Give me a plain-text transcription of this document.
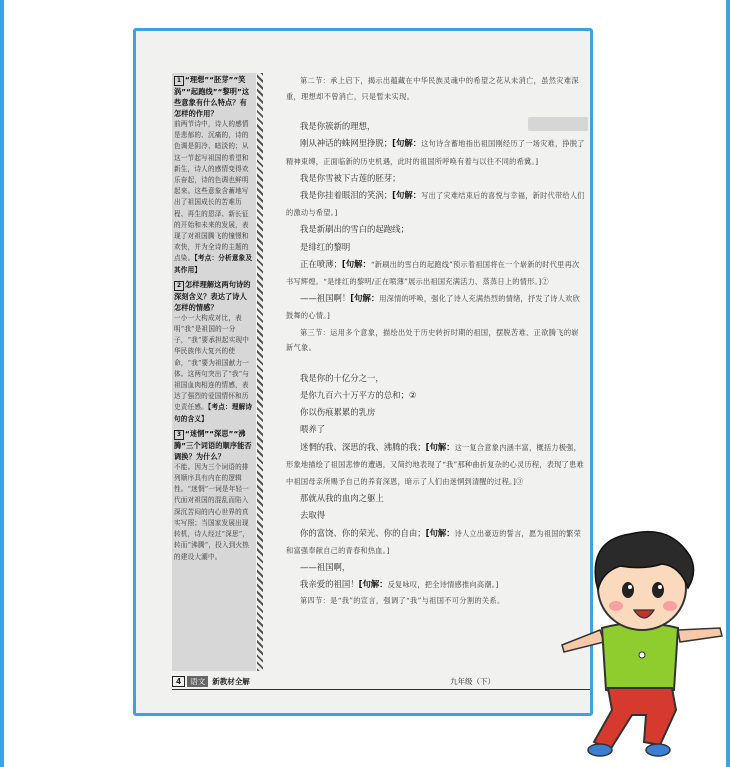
1 “理想”“胚芽”“笑涡”“起跑线”“黎明”这些意象有什么特点？有怎样的作用？
前两节诗中，诗人的感情是悲郁的、沉痛的，诗的色调是阴冷、暗淡的；从这一节起写祖国的希望和新生，诗人的感情变得欢乐奋起，诗的色调也鲜明起来。这些意象含蓄地写出了祖国成长的苦难历程、再生的恩泽、新长征的开始和未来的发展，表现了对祖国腾飞的憧憬和欢快，并为全诗的主题的点染。【考点：分析意象及其作用】
2 怎样理解这两句诗的深刻含义？表达了诗人怎样的情感？
一小一大构成对比，表明“我”是祖国的一分子，“我”要承担起实现中华民族伟大复兴的使命，“我”要为祖国献力一体。这两句突出了“我”与祖国血肉相连的情感，表达了强烈的爱国情怀和历史责任感。【考点：理解诗句的含义】
3 “迷惘”“深思”“沸腾”三个词语的顺序能否调换？为什么？
不能。因为三个词语的排列顺序具有内在的逻辑性。“迷惘”一词是年轻一代面对祖国的混乱而陷入深沉苦闷的内心世界的真实写照；当国家发展出现转机，诗人经过“深思”，转而“沸腾”，投入到火热的建设大潮中。

第二节：承上启下，揭示出蕴藏在中华民族灵魂中的希望之花从未消亡，虽然灾难深重，理想却不曾消亡，只是暂未实现。

我是你簇新的理想，

刚从神话的蛛网里挣脱；[句解：这句诗含蓄地指出祖国刚经历了一场灾难，挣脱了精神束缚，正面临新的历史机遇，此时的祖国所呼唤有着与以往不同的希冀。]

我是你雪被下古莲的胚芽；

我是你挂着眼泪的笑涡；[句解：写出了灾难结束后的喜悦与幸福，新时代带给人们的激动与希望。]

我是新刷出的雪白的起跑线；

是绯红的黎明

正在喷薄；[句解：“新刷出的雪白的起跑线”预示着祖国将在一个崭新的时代里再次书写辉煌。“是绯红的黎明/正在喷薄”展示出祖国充满活力、蒸蒸日上的情形。]②

——祖国啊！[句解：用深情的呼唤，强化了诗人充满热烈的情绪，抒发了诗人欢欣鼓舞的心情。]

第三节：运用多个意象，描绘出处于历史转折时期的祖国，摆脱苦难、正欲腾飞的崭新气象。

我是你的十亿分之一，

是你九百六十万平方的总和；②

你以伤痕累累的乳房

喂养了

迷惘的我、深思的我、沸腾的我；[句解：这一复合意象内涵丰富，概括力极强，形象地描绘了祖国悲惨的遭遇，又简约地表现了“我”那种曲折复杂的心灵历程，表现了患难中祖国母亲所赐予自己的养育深恩，暗示了人们由迷惘到清醒的过程。]③

那就从我的血肉之躯上

去取得

你的富饶、你的荣光、你的自由；[句解：诗人立出豪迈的誓言，愿为祖国的繁荣和富强奉献自己的青春和热血。]

——祖国啊，

我亲爱的祖国！[句解：反复咏叹，把全诗情感推向高潮。]

第四节：是“我”的宣言，强调了“我”与祖国不可分割的关系。

4 语文 新教材全解	九年级（下）
